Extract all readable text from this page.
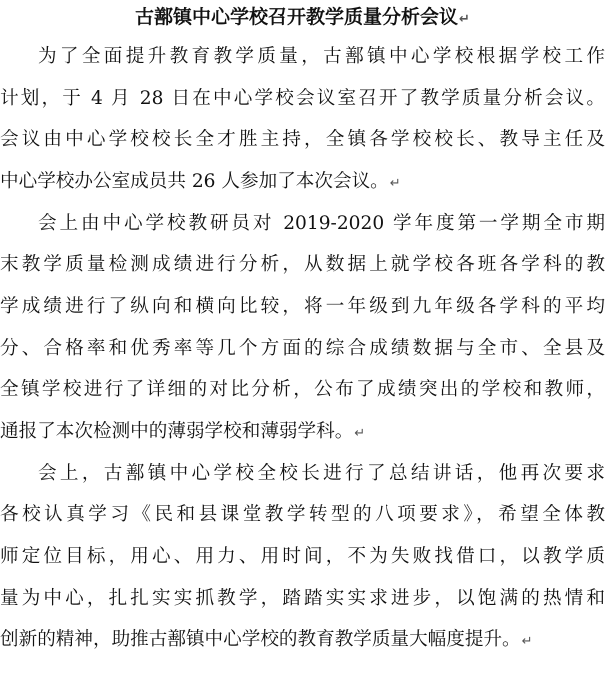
古鄯镇中心学校召开教学质量分析会议↵
为了全面提升教育教学质量，古鄯镇中心学校根据学校工作
计划，于 4 月 28 日在中心学校会议室召开了教学质量分析会议。
会议由中心学校校长全才胜主持，全镇各学校校长、教导主任及
中心学校办公室成员共 26 人参加了本次会议。↵
会上由中心学校教研员对 2019-2020 学年度第一学期全市期
末教学质量检测成绩进行分析，从数据上就学校各班各学科的教
学成绩进行了纵向和横向比较，将一年级到九年级各学科的平均
分、合格率和优秀率等几个方面的综合成绩数据与全市、全县及
全镇学校进行了详细的对比分析，公布了成绩突出的学校和教师，
通报了本次检测中的薄弱学校和薄弱学科。↵
会上，古鄯镇中心学校全校长进行了总结讲话，他再次要求
各校认真学习《民和县课堂教学转型的八项要求》，希望全体教
师定位目标，用心、用力、用时间，不为失败找借口，以教学质
量为中心，扎扎实实抓教学，踏踏实实求进步，以饱满的热情和
创新的精神，助推古鄯镇中心学校的教育教学质量大幅度提升。↵
